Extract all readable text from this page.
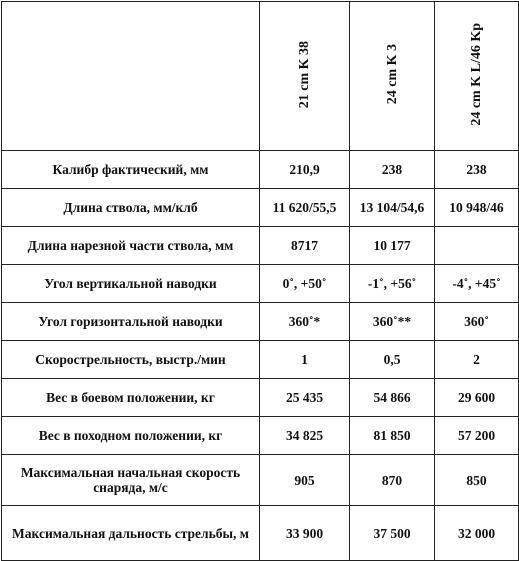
	21 cm K 38	24 cm K 3	24 cm K L/46 Kp
Калибр фактический, мм	210,9	238	238
Длина ствола, мм/клб	11 620/55,5	13 104/54,6	10 948/46
Длина нарезной части ствола, мм	8717	10 177	
Угол вертикальной наводки	0˚, +50˚	-1˚, +56˚	-4˚, +45˚
Угол горизонтальной наводки	360˚*	360˚**	360˚
Скорострельность, выстр./мин	1	0,5	2
Вес в боевом положении, кг	25 435	54 866	29 600
Вес в походном положении, кг	34 825	81 850	57 200
Максимальная начальная скорость снаряда, м/с	905	870	850
Максимальная дальность стрельбы, м	33 900	37 500	32 000
